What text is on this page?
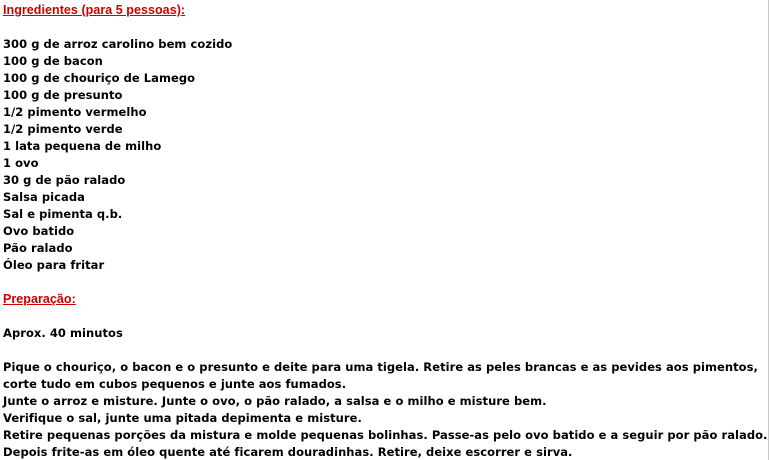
Ingredientes (para 5 pessoas):
300 g de arroz carolino bem cozido
100 g de bacon
100 g de chouriço de Lamego
100 g de presunto
1/2 pimento vermelho
1/2 pimento verde
1 lata pequena de milho
1 ovo
30 g de pão ralado
Salsa picada
Sal e pimenta q.b.
Ovo batido
Pão ralado
Óleo para fritar
Preparação:
Aprox. 40 minutos
Pique o chouriço, o bacon e o presunto e deite para uma tigela. Retire as peles brancas e as pevides aos pimentos,
corte tudo em cubos pequenos e junte aos fumados.
Junte o arroz e misture. Junte o ovo, o pão ralado, a salsa e o milho e misture bem.
Verifique o sal, junte uma pitada depimenta e misture.
Retire pequenas porções da mistura e molde pequenas bolinhas. Passe-as pelo ovo batido e a seguir por pão ralado.
Depois frite-as em óleo quente até ficarem douradinhas. Retire, deixe escorrer e sirva.
